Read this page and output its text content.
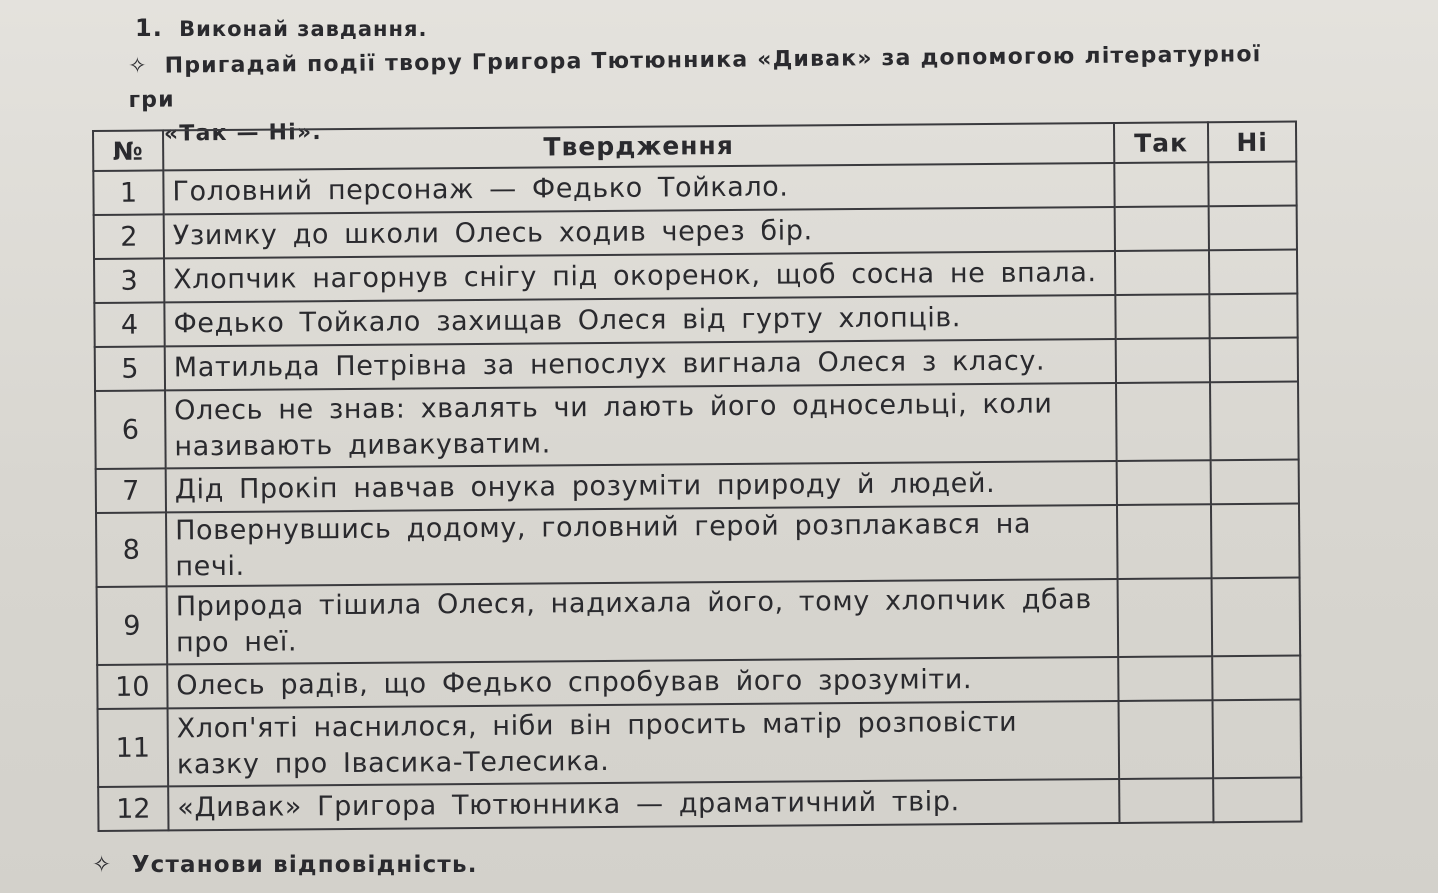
1. Виконай завдання.
✧ Пригадай події твору Григора Тютюнника «Дивак» за допомогою літературної гри
«Так — Ні».
№	Твердження	Так	Ні
1	Головний персонаж — Федько Тойкало.		
2	Узимку до школи Олесь ходив через бір.		
3	Хлопчик нагорнув снігу під окоренок, щоб сосна не впала.		
4	Федько Тойкало захищав Олеся від гурту хлопців.		
5	Матильда Петрівна за непослух вигнала Олеся з класу.		
6	Олесь не знав: хвалять чи лають його односельці, коли називають дивакуватим.		
7	Дід Прокіп навчав онука розуміти природу й людей.		
8	Повернувшись додому, головний герой розплакався на печі.		
9	Природа тішила Олеся, надихала його, тому хлопчик дбав про неї.		
10	Олесь радів, що Федько спробував його зрозуміти.		
11	Хлоп'яті наснилося, ніби він просить матір розповісти казку про Івасика-Телесика.		
12	«Дивак» Григора Тютюнника — драматичний твір.		
✧ Установи відповідність.
